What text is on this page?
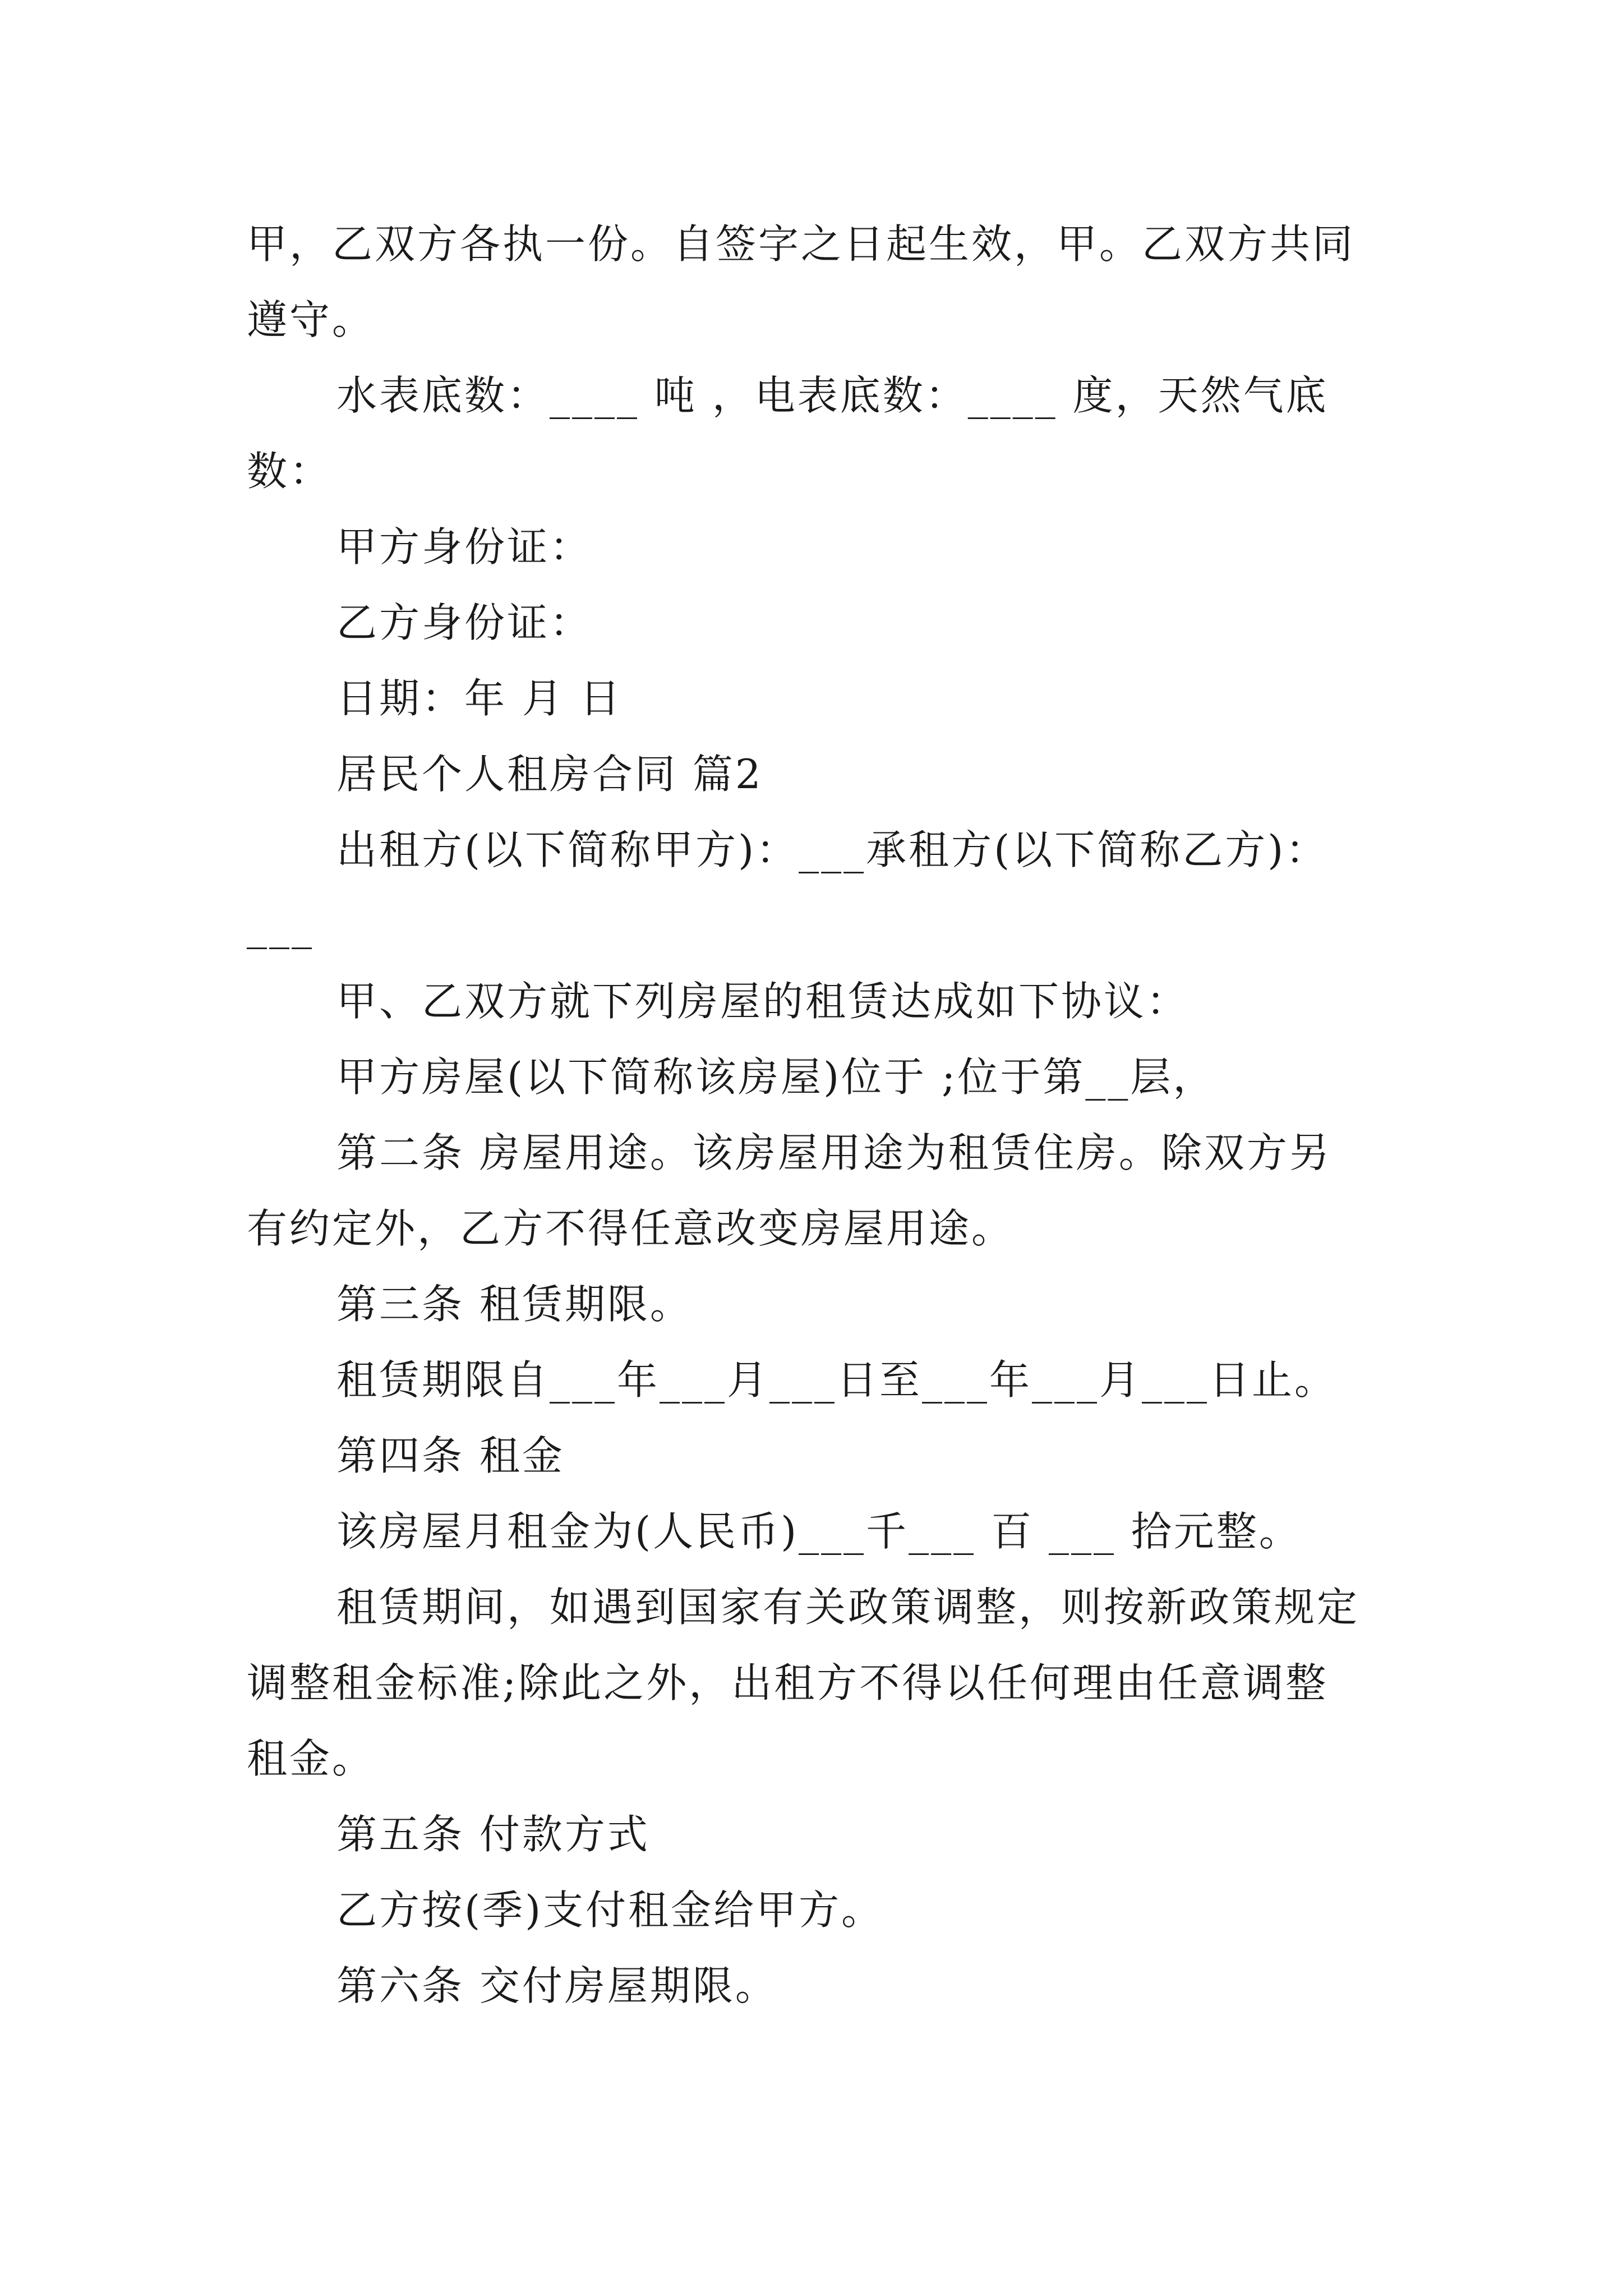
甲，乙双方各执一份。自签字之日起生效，甲。乙双方共同
遵守。
水表底数：____ 吨 ，电表底数：____ 度，天然气底
数：
甲方身份证：
乙方身份证：
日期：年 月 日
居民个人租房合同 篇2
出租方(以下简称甲方)：___承租方(以下简称乙方)：
___
甲、乙双方就下列房屋的租赁达成如下协议：
甲方房屋(以下简称该房屋)位于 ;位于第__层，
第二条 房屋用途。该房屋用途为租赁住房。除双方另
有约定外，乙方不得任意改变房屋用途。
第三条 租赁期限。
租赁期限自___年___月___日至___年___月___日止。
第四条 租金
该房屋月租金为(人民币)___千___ 百 ___ 拾元整。
租赁期间，如遇到国家有关政策调整，则按新政策规定
调整租金标准;除此之外，出租方不得以任何理由任意调整
租金。
第五条 付款方式
乙方按(季)支付租金给甲方。
第六条 交付房屋期限。
